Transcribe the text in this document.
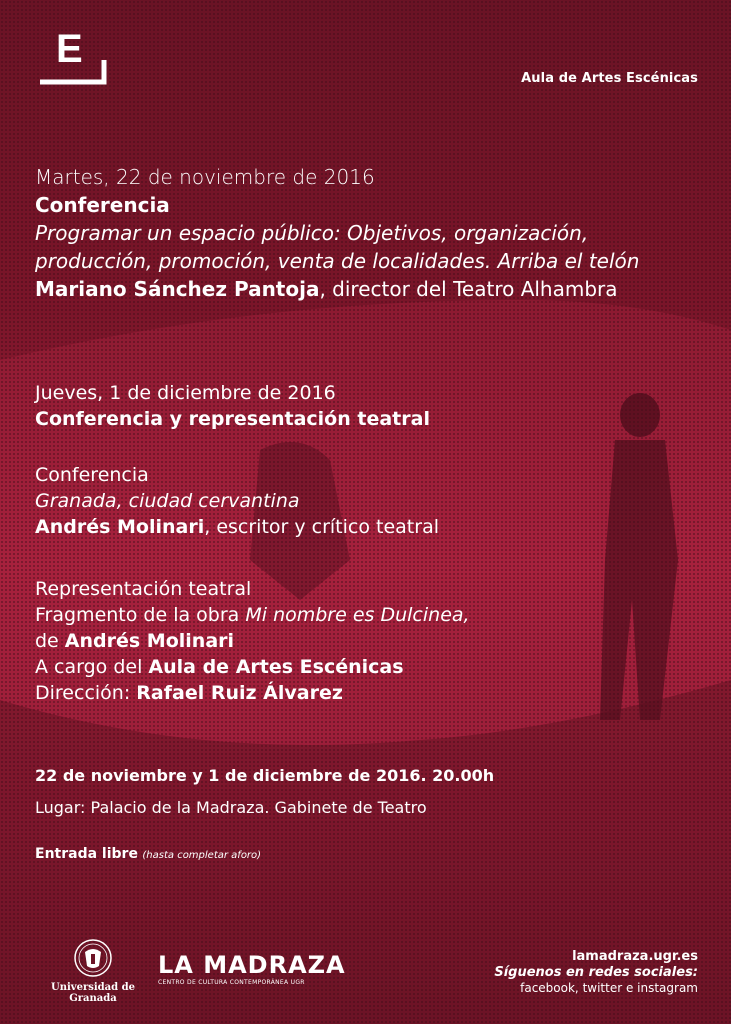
E
Aula de Artes Escénicas
Martes, 22 de noviembre de 2016
Conferencia
Programar un espacio público: Objetivos, organización,
producción, promoción, venta de localidades. Arriba el telón
Mariano Sánchez Pantoja, director del Teatro Alhambra
Jueves, 1 de diciembre de 2016
Conferencia y representación teatral
Conferencia
Granada, ciudad cervantina
Andrés Molinari, escritor y crítico teatral
Representación teatral
Fragmento de la obra Mi nombre es Dulcinea,
de Andrés Molinari
A cargo del Aula de Artes Escénicas
Dirección: Rafael Ruiz Álvarez
22 de noviembre y 1 de diciembre de 2016. 20.00h
Lugar: Palacio de la Madraza. Gabinete de Teatro
Entrada libre (hasta completar aforo)
Universidad de Granada
LA MADRAZA
CENTRO DE CULTURA CONTEMPORÁNEA UGR
lamadraza.ugr.es
Síguenos en redes sociales:
facebook, twitter e instagram
